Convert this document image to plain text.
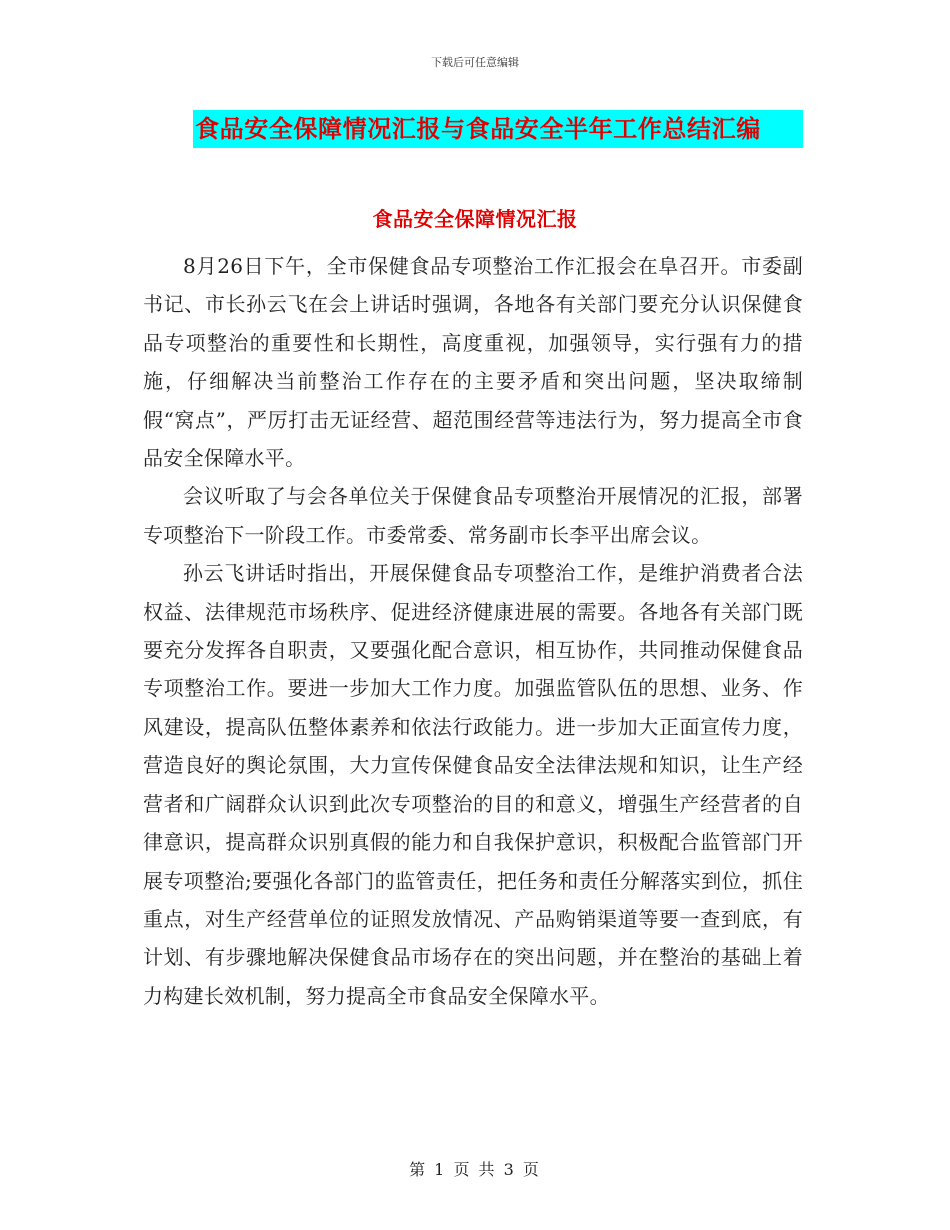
下载后可任意编辑
食品安全保障情况汇报与食品安全半年工作总结汇编
食品安全保障情况汇报

8月26日下午，全市保健食品专项整治工作汇报会在阜召开。市委副书记、市长孙云飞在会上讲话时强调，各地各有关部门要充分认识保健食品专项整治的重要性和长期性，高度重视，加强领导，实行强有力的措施，仔细解决当前整治工作存在的主要矛盾和突出问题，坚决取缔制假“窝点”，严厉打击无证经营、超范围经营等违法行为，努力提高全市食品安全保障水平。

会议听取了与会各单位关于保健食品专项整治开展情况的汇报，部署专项整治下一阶段工作。市委常委、常务副市长李平出席会议。

孙云飞讲话时指出，开展保健食品专项整治工作，是维护消费者合法权益、法律规范市场秩序、促进经济健康进展的需要。各地各有关部门既要充分发挥各自职责，又要强化配合意识，相互协作，共同推动保健食品专项整治工作。要进一步加大工作力度。加强监管队伍的思想、业务、作风建设，提高队伍整体素养和依法行政能力。进一步加大正面宣传力度，营造良好的舆论氛围，大力宣传保健食品安全法律法规和知识，让生产经营者和广阔群众认识到此次专项整治的目的和意义，增强生产经营者的自律意识，提高群众识别真假的能力和自我保护意识，积极配合监管部门开展专项整治;要强化各部门的监管责任，把任务和责任分解落实到位，抓住重点，对生产经营单位的证照发放情况、产品购销渠道等要一查到底，有计划、有步骤地解决保健食品市场存在的突出问题，并在整治的基础上着力构建长效机制，努力提高全市食品安全保障水平。

第 1 页 共 3 页
